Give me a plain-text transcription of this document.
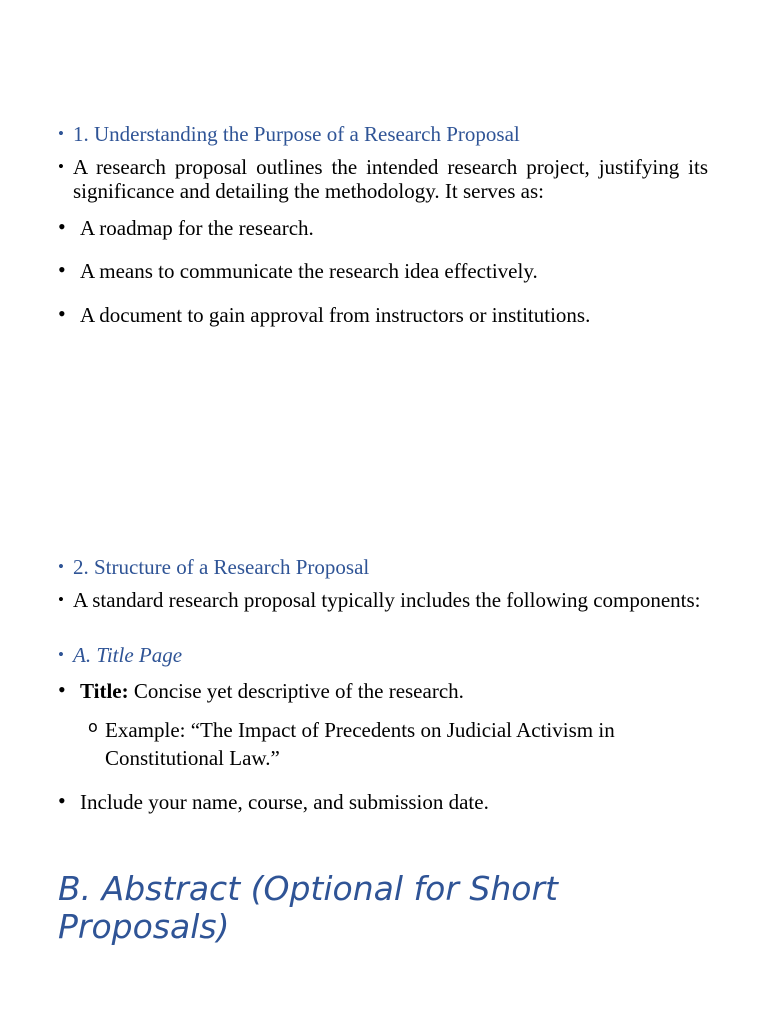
• 1. Understanding the Purpose of a Research Proposal
• A research proposal outlines the intended research project, justifying its significance and detailing the methodology. It serves as:
• A roadmap for the research.
• A means to communicate the research idea effectively.
• A document to gain approval from instructors or institutions.
• 2. Structure of a Research Proposal
• A standard research proposal typically includes the following components:
• A. Title Page
• Title: Concise yet descriptive of the research.
o Example: “The Impact of Precedents on Judicial Activism in Constitutional Law.”
• Include your name, course, and submission date.
B. Abstract (Optional for Short Proposals)
